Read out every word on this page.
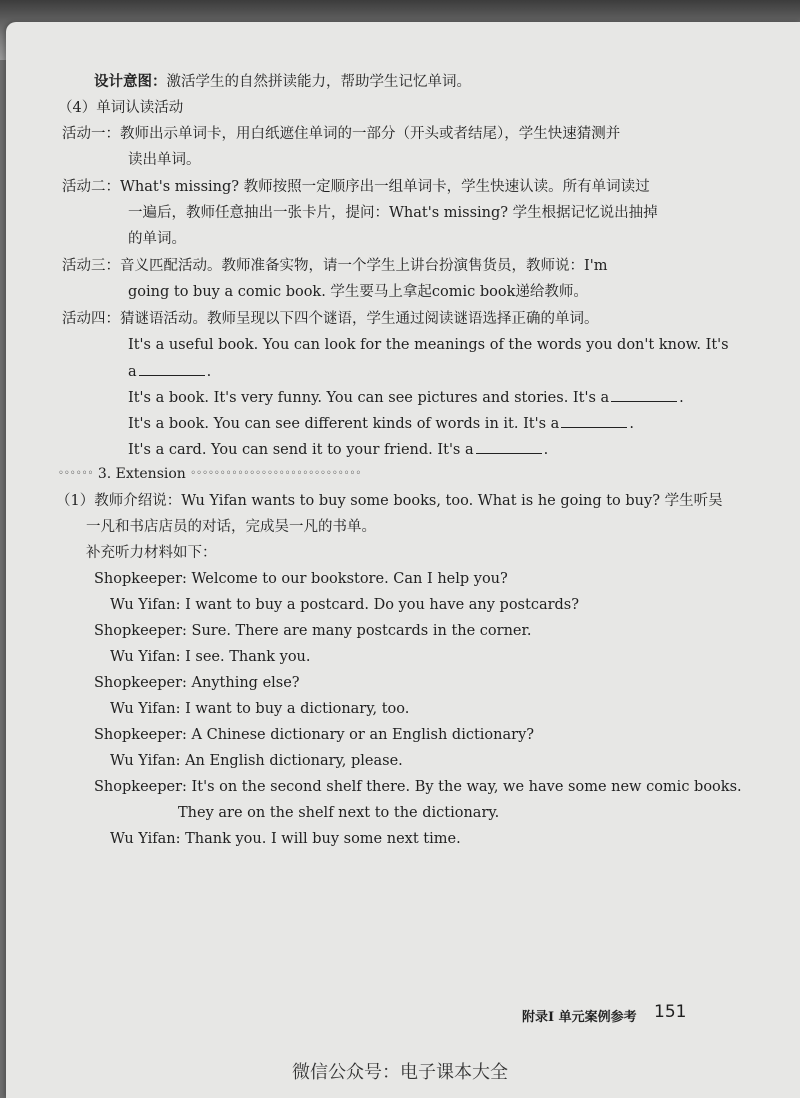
设计意图：激活学生的自然拼读能力，帮助学生记忆单词。
（4）单词认读活动
活动一：教师出示单词卡，用白纸遮住单词的一部分（开头或者结尾），学生快速猜测并
读出单词。
活动二：What's missing? 教师按照一定顺序出一组单词卡，学生快速认读。所有单词读过
一遍后，教师任意抽出一张卡片，提问：What's missing? 学生根据记忆说出抽掉
的单词。
活动三：音义匹配活动。教师准备实物，请一个学生上讲台扮演售货员，教师说：I'm
going to buy a comic book. 学生要马上拿起comic book递给教师。
活动四：猜谜语活动。教师呈现以下四个谜语，学生通过阅读谜语选择正确的单词。
It's a useful book. You can look for the meanings of the words you don't know. It's
a	.
It's a book. It's very funny. You can see pictures and stories. It's a	.
It's a book. You can see different kinds of words in it. It's a	.
It's a card. You can send it to your friend. It's a	.
◦◦◦◦◦◦ 3. Extension ◦◦◦◦◦◦◦◦◦◦◦◦◦◦◦◦◦◦◦◦◦◦◦◦◦◦◦◦◦
（1）教师介绍说：Wu Yifan wants to buy some books, too. What is he going to buy? 学生听吴
一凡和书店店员的对话，完成吴一凡的书单。
补充听力材料如下：
Shopkeeper: Welcome to our bookstore. Can I help you?
Wu Yifan: I want to buy a postcard. Do you have any postcards?
Shopkeeper: Sure. There are many postcards in the corner.
Wu Yifan: I see. Thank you.
Shopkeeper: Anything else?
Wu Yifan: I want to buy a dictionary, too.
Shopkeeper: A Chinese dictionary or an English dictionary?
Wu Yifan: An English dictionary, please.
Shopkeeper: It's on the second shelf there. By the way, we have some new comic books.
They are on the shelf next to the dictionary.
Wu Yifan: Thank you. I will buy some next time.
附录Ⅰ 单元案例参考 151
微信公众号：电子课本大全
